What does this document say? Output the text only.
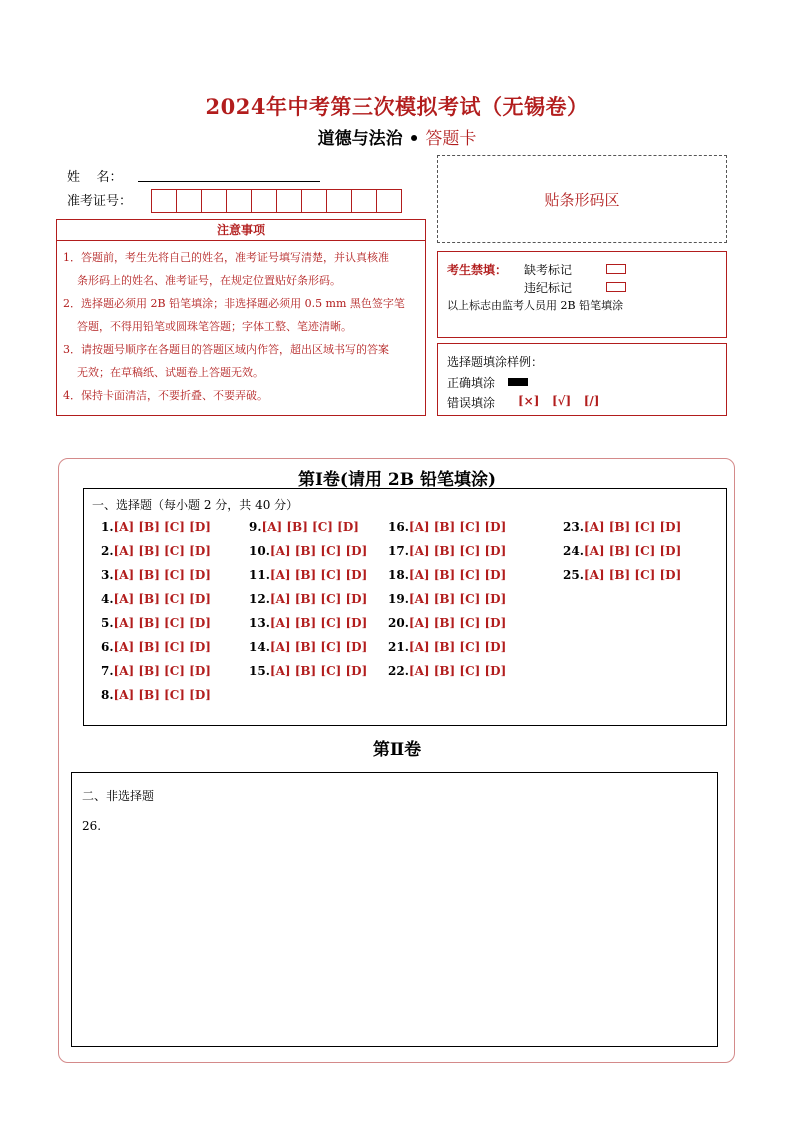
2024年中考第三次模拟考试（无锡卷）
道德与法治 • 答题卡
姓    名：
准考证号：	贴条形码区
注意事项
1．答题前，考生先将自己的姓名，准考证号填写清楚，并认真核准
条形码上的姓名、准考证号，在规定位置贴好条形码。
2．选择题必须用 2B 铅笔填涂；非选择题必须用 0.5 mm 黑色签字笔
答题，不得用铅笔或圆珠笔答题；字体工整、笔迹清晰。
3．请按题号顺序在各题目的答题区域内作答，超出区域书写的答案
无效；在草稿纸、试题卷上答题无效。
4．保持卡面清洁，不要折叠、不要弄破。
考生禁填： 缺考标记
违纪标记
以上标志由监考人员用 2B 铅笔填涂
选择题填涂样例：
正确填涂
错误填涂 [×]   [√]   [/]
第Ⅰ卷(请用 2B 铅笔填涂)
一、选择题（每小题 2 分，共 40 分）
1.[A] [B] [C] [D]
2.[A] [B] [C] [D]
3.[A] [B] [C] [D]
4.[A] [B] [C] [D]
5.[A] [B] [C] [D]
6.[A] [B] [C] [D]
7.[A] [B] [C] [D]
8.[A] [B] [C] [D]
9.[A] [B] [C] [D]
10.[A] [B] [C] [D]
11.[A] [B] [C] [D]
12.[A] [B] [C] [D]
13.[A] [B] [C] [D]
14.[A] [B] [C] [D]
15.[A] [B] [C] [D]
16.[A] [B] [C] [D]
17.[A] [B] [C] [D]
18.[A] [B] [C] [D]
19.[A] [B] [C] [D]
20.[A] [B] [C] [D]
21.[A] [B] [C] [D]
22.[A] [B] [C] [D]
23.[A] [B] [C] [D]
24.[A] [B] [C] [D]
25.[A] [B] [C] [D]
第Ⅱ卷
二、非选择题
26.
